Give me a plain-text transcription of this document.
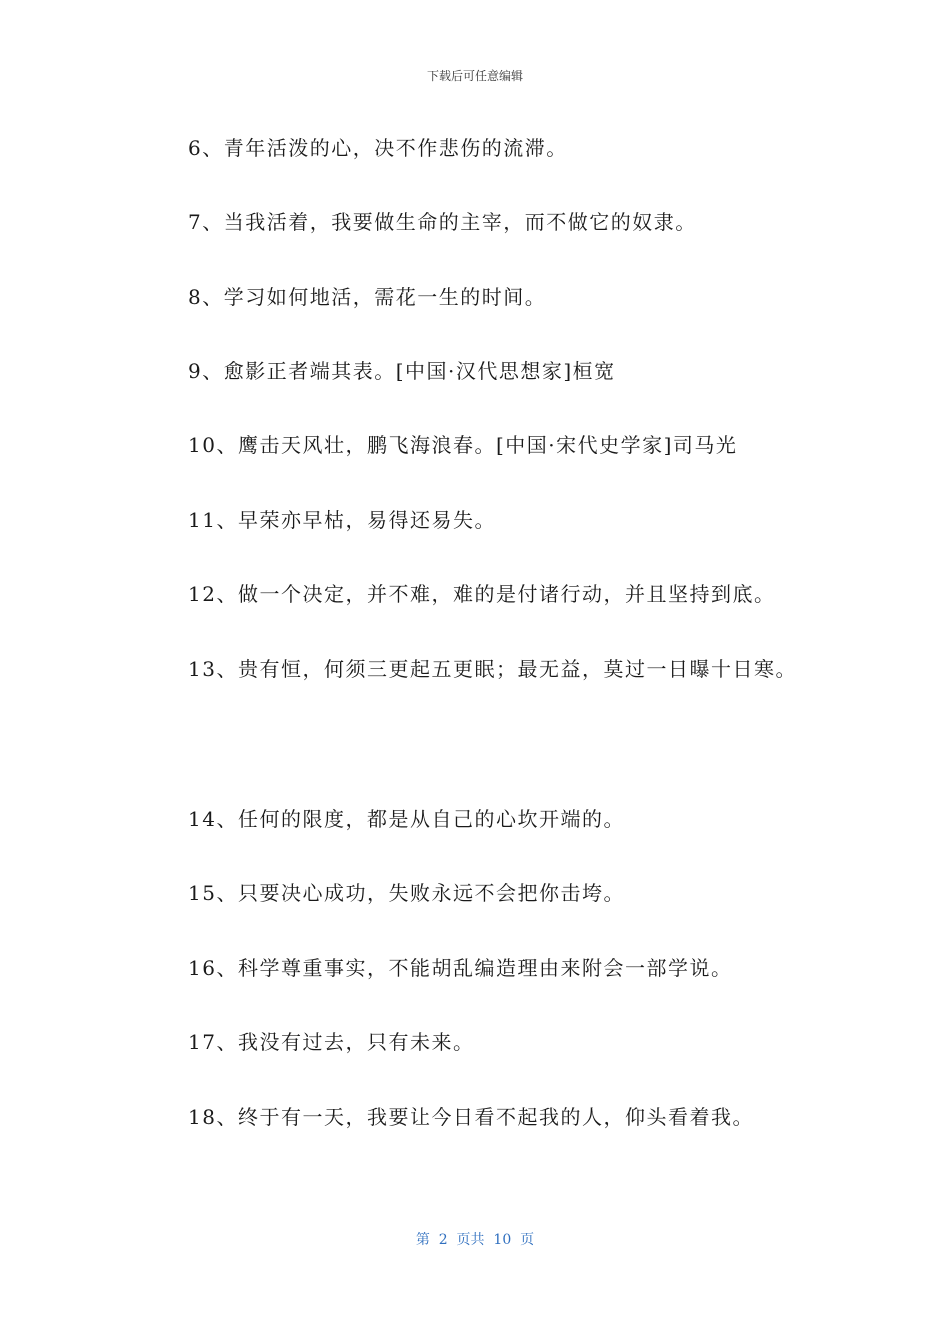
下载后可任意编辑
6、青年活泼的心，决不作悲伤的流滞。
7、当我活着，我要做生命的主宰，而不做它的奴隶。
8、学习如何地活，需花一生的时间。
9、愈影正者端其表。[中国·汉代思想家]桓宽
10、鹰击天风壮，鹏飞海浪春。[中国·宋代史学家]司马光
11、早荣亦早枯，易得还易失。
12、做一个决定，并不难，难的是付诸行动，并且坚持到底。
13、贵有恒，何须三更起五更眠；最无益，莫过一日曝十日寒。
14、任何的限度，都是从自己的心坎开端的。
15、只要决心成功，失败永远不会把你击垮。
16、科学尊重事实，不能胡乱编造理由来附会一部学说。
17、我没有过去，只有未来。
18、终于有一天，我要让今日看不起我的人，仰头看着我。
第  2  页共  10  页
